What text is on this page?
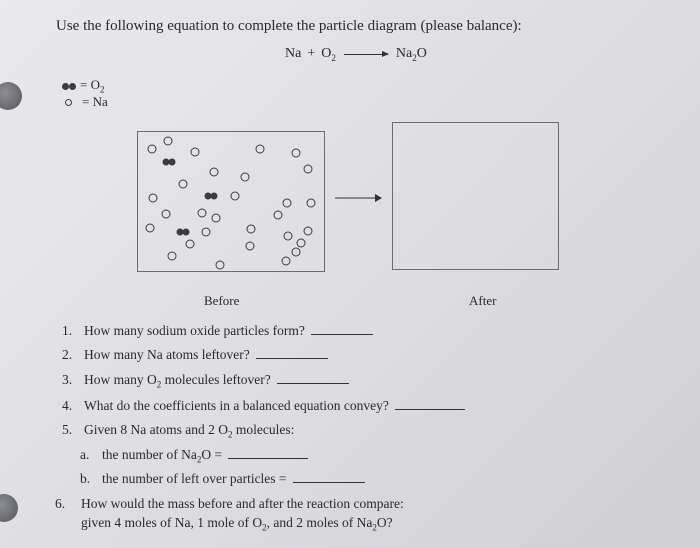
Use the following equation to complete the particle diagram (please balance):
$Na + O_2 \to Na_2O$
= $O_2$
= Na
Before	After
1. How many sodium oxide particles form?
2. How many Na atoms leftover?
3. How many $O_2$ molecules leftover?
4. What do the coefficients in a balanced equation convey?
5. Given 8 Na atoms and 2 $O_2$ molecules:
a. the number of $Na_2O$ =
b. the number of left over particles =
6. How would the mass before and after the reaction compare:
given 4 moles of Na, 1 mole of $O_2$, and 2 moles of $Na_2O$?
